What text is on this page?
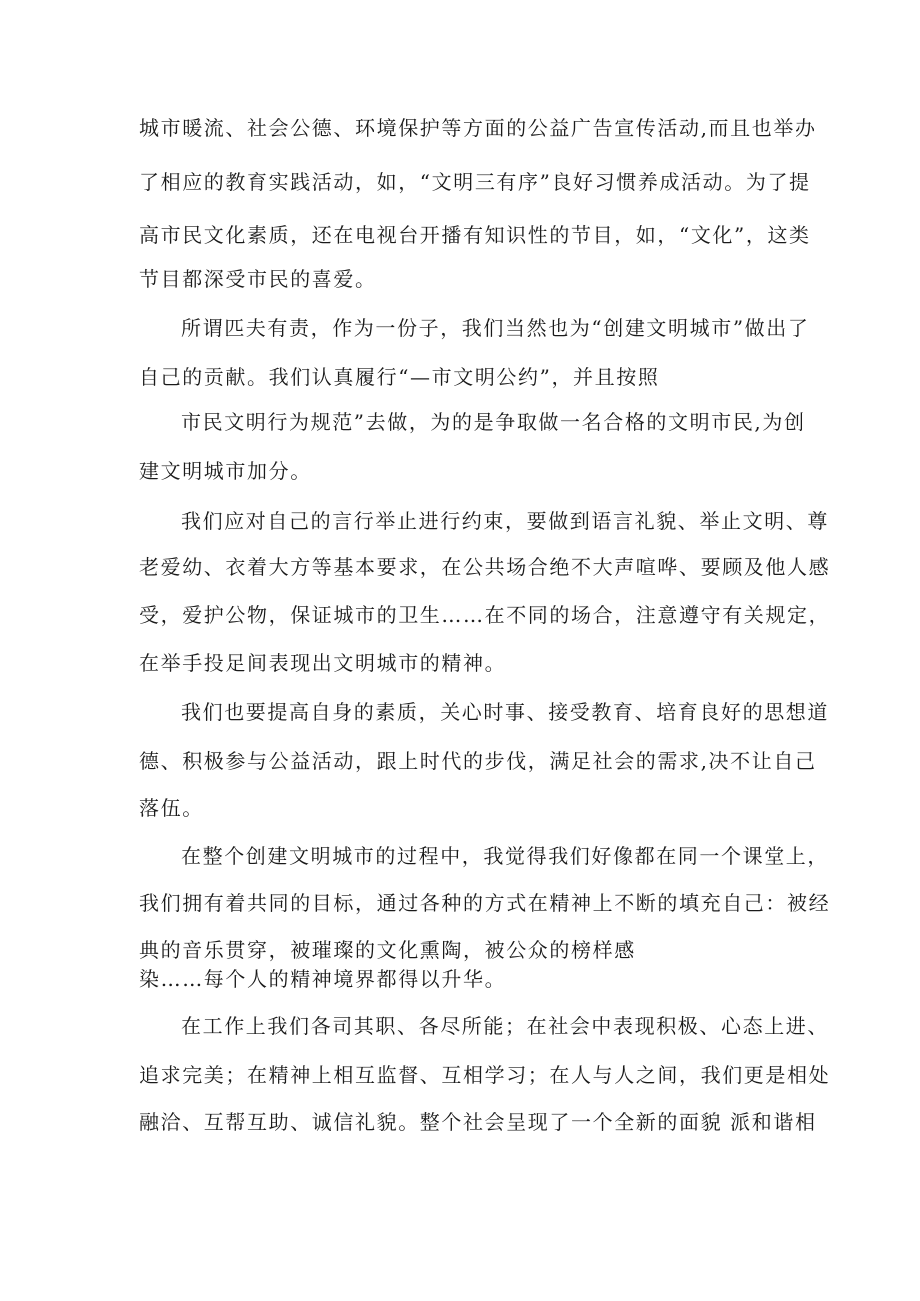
城市暖流、社会公德、环境保护等方面的公益广告宣传活动,而且也举办
了相应的教育实践活动，如，“文明三有序”良好习惯养成活动。为了提
高市民文化素质，还在电视台开播有知识性的节目，如，“文化”，这类
节目都深受市民的喜爱。
所谓匹夫有责，作为一份子，我们当然也为“创建文明城市”做出了
自己的贡献。我们认真履行“—市文明公约”，并且按照
市民文明行为规范”去做，为的是争取做一名合格的文明市民,为创
建文明城市加分。
我们应对自己的言行举止进行约束，要做到语言礼貌、举止文明、尊
老爱幼、衣着大方等基本要求，在公共场合绝不大声喧哗、要顾及他人感
受，爱护公物，保证城市的卫生……在不同的场合，注意遵守有关规定，
在举手投足间表现出文明城市的精神。
我们也要提高自身的素质，关心时事、接受教育、培育良好的思想道
德、积极参与公益活动，跟上时代的步伐，满足社会的需求,决不让自己
落伍。
在整个创建文明城市的过程中，我觉得我们好像都在同一个课堂上，
我们拥有着共同的目标，通过各种的方式在精神上不断的填充自己：被经
典的音乐贯穿，被璀璨的文化熏陶，被公众的榜样感
染……每个人的精神境界都得以升华。
在工作上我们各司其职、各尽所能；在社会中表现积极、心态上进、
追求完美；在精神上相互监督、互相学习；在人与人之间，我们更是相处
融洽、互帮互助、诚信礼貌。整个社会呈现了一个全新的面貌 派和谐相
